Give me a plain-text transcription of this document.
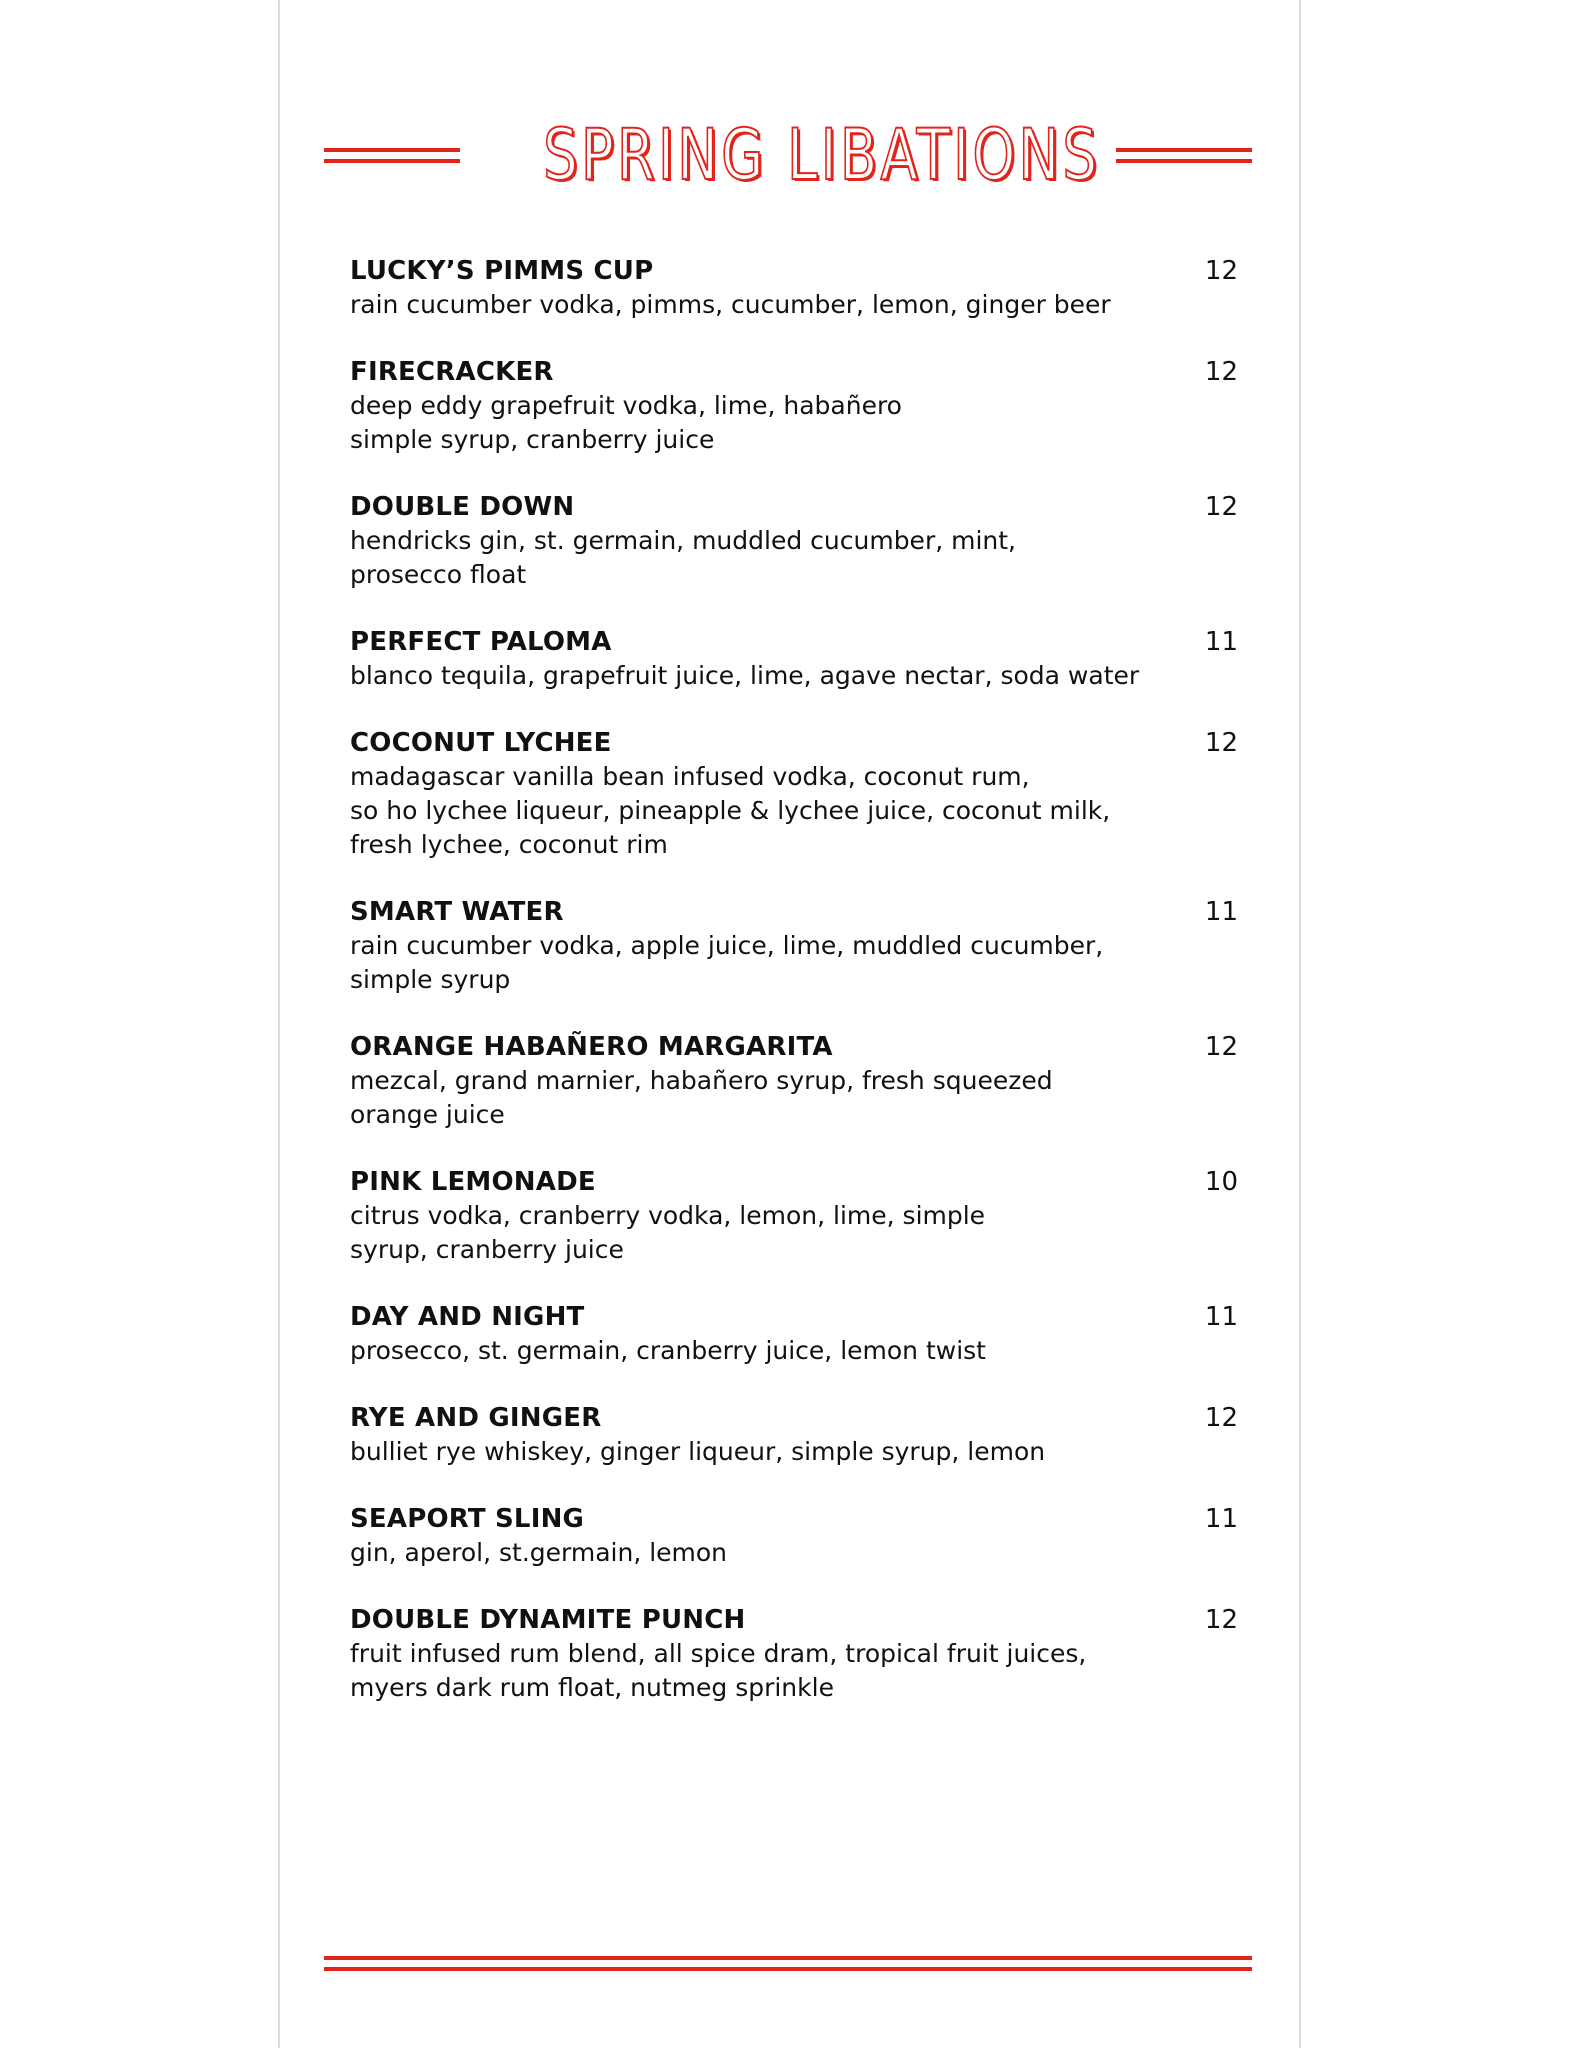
SPRING LIBATIONS
LUCKY’S PIMMS CUP	12
rain cucumber vodka, pimms, cucumber, lemon, ginger beer
FIRECRACKER	12
deep eddy grapefruit vodka, lime, habañero
simple syrup, cranberry juice
DOUBLE DOWN	12
hendricks gin, st. germain, muddled cucumber, mint,
prosecco float
PERFECT PALOMA	11
blanco tequila, grapefruit juice, lime, agave nectar, soda water
COCONUT LYCHEE	12
madagascar vanilla bean infused vodka, coconut rum,
so ho lychee liqueur, pineapple & lychee juice, coconut milk,
fresh lychee, coconut rim
SMART WATER	11
rain cucumber vodka, apple juice, lime, muddled cucumber,
simple syrup
ORANGE HABAÑERO MARGARITA	12
mezcal, grand marnier, habañero syrup, fresh squeezed
orange juice
PINK LEMONADE	10
citrus vodka, cranberry vodka, lemon, lime, simple
syrup, cranberry juice
DAY AND NIGHT	11
prosecco, st. germain, cranberry juice, lemon twist
RYE AND GINGER	12
bulliet rye whiskey, ginger liqueur, simple syrup, lemon
SEAPORT SLING	11
gin, aperol, st.germain, lemon
DOUBLE DYNAMITE PUNCH	12
fruit infused rum blend, all spice dram, tropical fruit juices,
myers dark rum float, nutmeg sprinkle
